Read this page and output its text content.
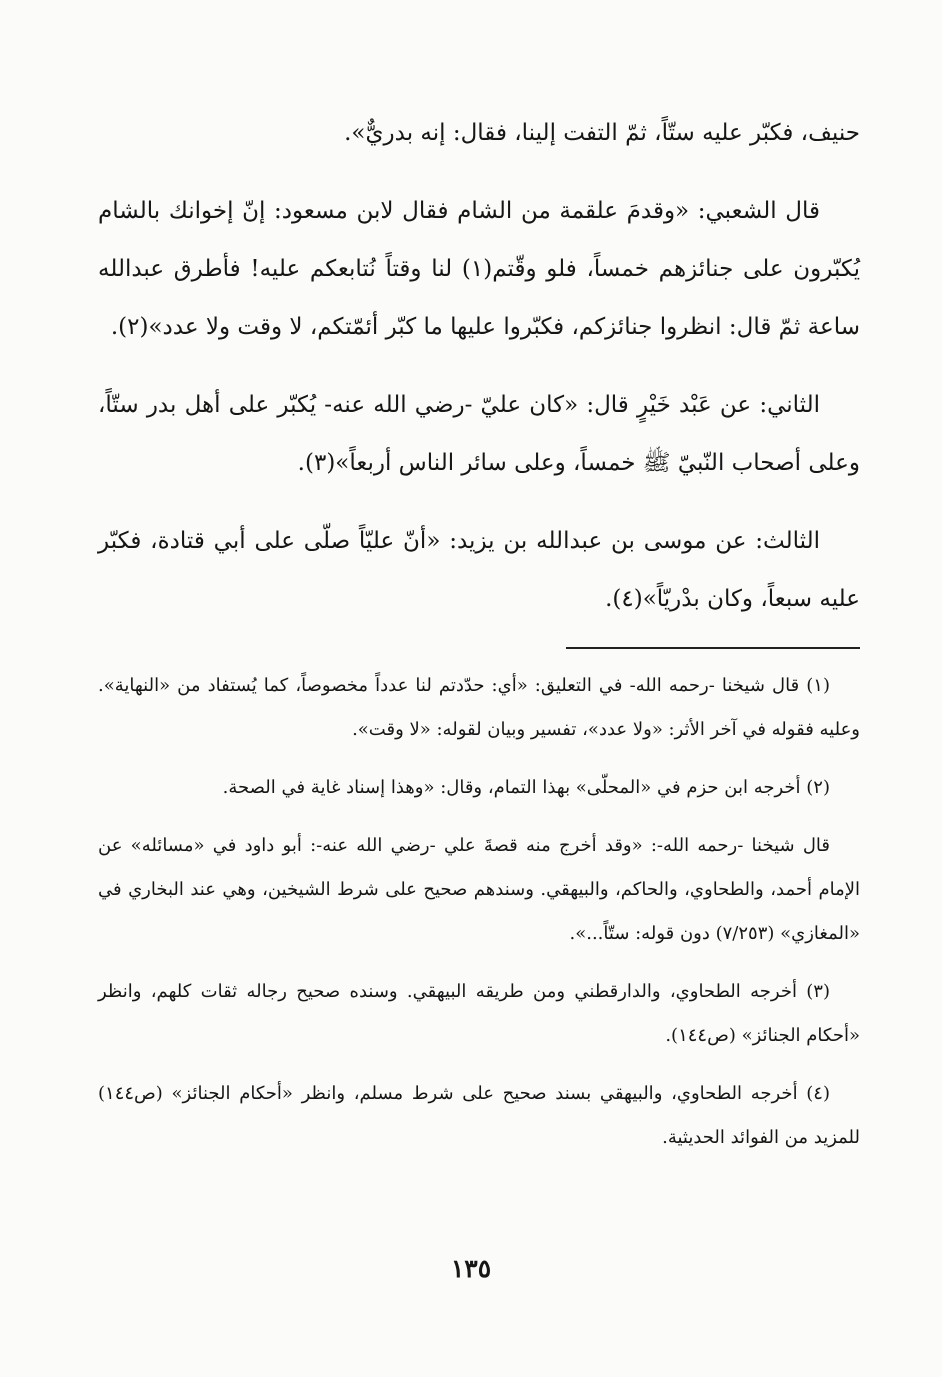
حنيف، فكبّر عليه ستّاً، ثمّ التفت إلينا، فقال: إنه بدريٌّ».

قال الشعبي: «وقدمَ علقمة من الشام فقال لابن مسعود: إنّ إخوانك بالشام يُكبّرون على جنائزهم خمساً، فلو وقّتم(١) لنا وقتاً نُتابعكم عليه! فأطرق عبدالله ساعة ثمّ قال: انظروا جنائزكم، فكبّروا عليها ما كبّر أئمّتكم، لا وقت ولا عدد»(٢).

الثاني: عن عَبْد خَيْرٍ قال: «كان عليّ -رضي الله عنه- يُكبّر على أهل بدر ستّاً، وعلى أصحاب النّبيّ ﷺ خمساً، وعلى سائر الناس أربعاً»(٣).

الثالث: عن موسى بن عبدالله بن يزيد: «أنّ عليّاً صلّى على أبي قتادة، فكبّر عليه سبعاً، وكان بدْريّاً»(٤).

(١) قال شيخنا -رحمه الله- في التعليق: «أي: حدّدتم لنا عدداً مخصوصاً، كما يُستفاد من «النهاية». وعليه فقوله في آخر الأثر: «ولا عدد»، تفسير وبيان لقوله: «لا وقت».

(٢) أخرجه ابن حزم في «المحلّى» بهذا التمام، وقال: «وهذا إسناد غاية في الصحة.

قال شيخنا -رحمه الله-: «وقد أخرج منه قصةَ علي -رضي الله عنه-: أبو داود في «مسائله» عن الإمام أحمد، والطحاوي، والحاكم، والبيهقي. وسندهم صحيح على شرط الشيخين، وهي عند البخاري في «المغازي» (٧/٢٥٣) دون قوله: ستّاً...».

(٣) أخرجه الطحاوي، والدارقطني ومن طريقه البيهقي. وسنده صحيح رجاله ثقات كلهم، وانظر «أحكام الجنائز» (ص١٤٤).

(٤) أخرجه الطحاوي، والبيهقي بسند صحيح على شرط مسلم، وانظر «أحكام الجنائز» (ص١٤٤) للمزيد من الفوائد الحديثية.

١٣٥
